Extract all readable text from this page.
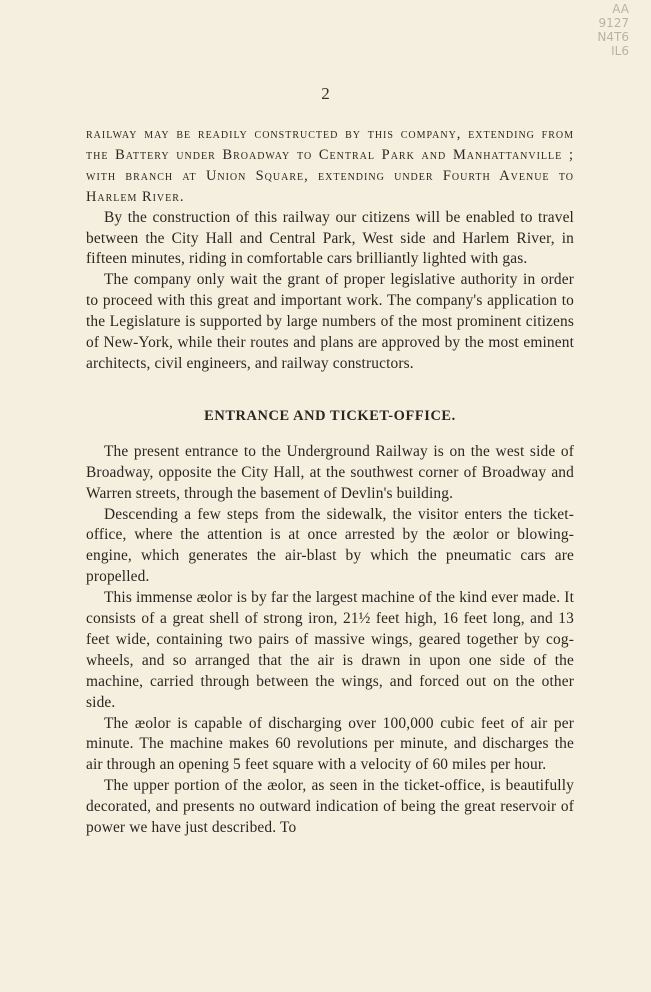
AA
9127
N4T6
IL6
2

railway may be readily constructed by this company, extending from the Battery under Broadway to Central Park and Manhattanville ; with branch at Union Square, extending under Fourth Avenue to Harlem River.

By the construction of this railway our citizens will be enabled to travel between the City Hall and Central Park, West side and Harlem River, in fifteen minutes, riding in comfortable cars brilliantly lighted with gas.

The company only wait the grant of proper legislative authority in order to proceed with this great and important work. The company's application to the Legislature is supported by large numbers of the most prominent citizens of New-York, while their routes and plans are approved by the most eminent architects, civil engineers, and railway constructors.

ENTRANCE AND TICKET-OFFICE.

The present entrance to the Underground Railway is on the west side of Broadway, opposite the City Hall, at the southwest corner of Broadway and Warren streets, through the basement of Devlin's building.

Descending a few steps from the sidewalk, the visitor enters the ticket-office, where the attention is at once arrested by the æolor or blowing-engine, which generates the air-blast by which the pneumatic cars are propelled.

This immense æolor is by far the largest machine of the kind ever made. It consists of a great shell of strong iron, 21½ feet high, 16 feet long, and 13 feet wide, containing two pairs of massive wings, geared together by cog-wheels, and so arranged that the air is drawn in upon one side of the machine, carried through between the wings, and forced out on the other side.

The æolor is capable of discharging over 100,000 cubic feet of air per minute. The machine makes 60 revolutions per minute, and discharges the air through an opening 5 feet square with a velocity of 60 miles per hour.

The upper portion of the æolor, as seen in the ticket-office, is beautifully decorated, and presents no outward indication of being the great reservoir of power we have just described. To
